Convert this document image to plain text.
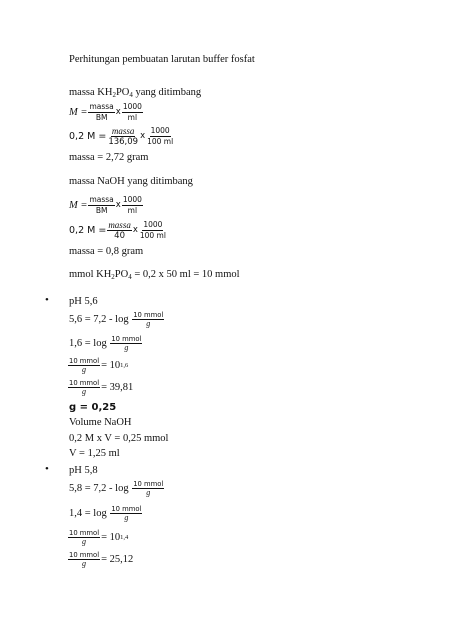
Perhitungan pembuatan larutan buffer fosfat
massa $KH_2PO_4$ yang ditimbang
$M = \frac{\text{massa}}{BM}$ x $\frac{1000}{ml}$
0,2 $M = \frac{\text{massa}}{136,09}$ x $\frac{1000}{100 ml}$
massa = 2,72 gram
massa NaOH yang ditimbang
$M = \frac{\text{massa}}{BM}$ x $\frac{1000}{ml}$
0,2 $M = \frac{\text{massa}}{40}$ x $\frac{1000}{100 ml}$
massa = 0,8 gram
mmol $KH_2PO_4 = 0,2$ x 50 ml = 10 mmol
• pH 5,6
5,6 = 7,2 - log
$\frac{\text{10 mmol}}{g}$
1,6 = log
$\frac{\text{10 mmol}}{g}$
$\frac{\text{10 mmol}}{g} = 10$ 1,6
$\frac{\text{10 mmol}}{g} = 39,81$
g = 0,25
Volume NaOH
0,2 M x V = 0,25 mmol
V = 1,25 ml
• pH 5,8
5,8 = 7,2 - log
$\frac{\text{10 mmol}}{g}$
1,4 = log
$\frac{\text{10 mmol}}{g}$
$\frac{\text{10 mmol}}{g} = 10$ 1,4
$\frac{\text{10 mmol}}{g} = 25,12$
